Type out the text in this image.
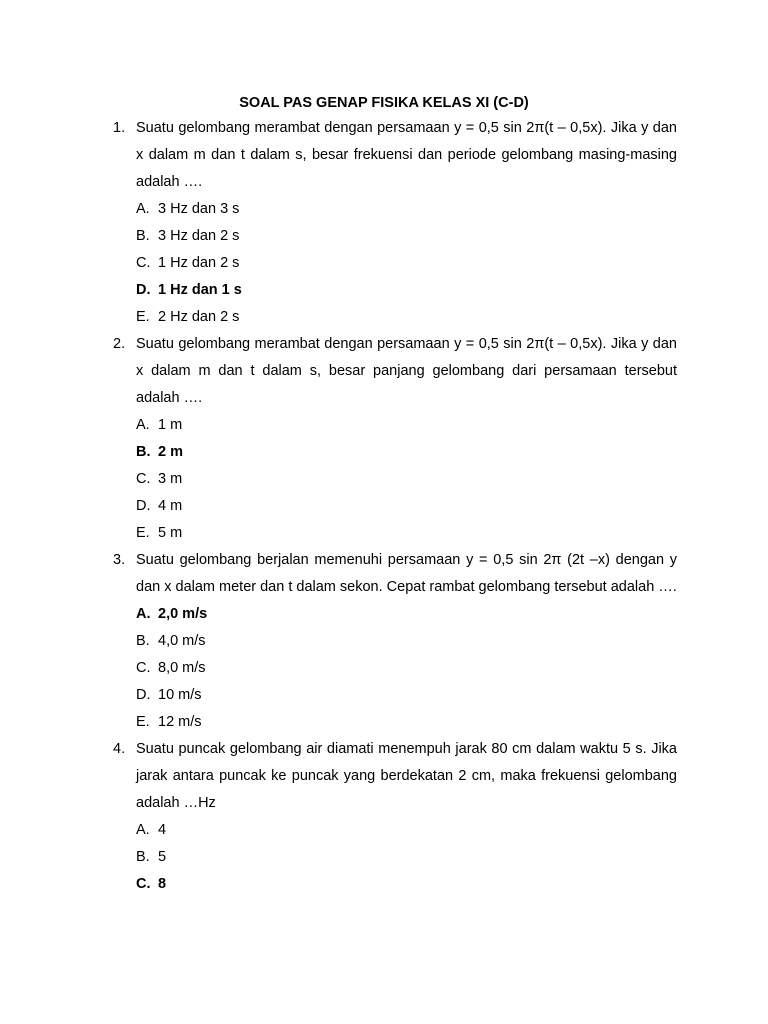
SOAL PAS GENAP FISIKA KELAS XI (C-D)
1. Suatu gelombang merambat dengan persamaan y = 0,5 sin 2π(t – 0,5x). Jika y dan x dalam m dan t dalam s, besar frekuensi dan periode gelombang masing-masing adalah ….
A. 3 Hz dan 3 s
B. 3 Hz dan 2 s
C. 1 Hz dan 2 s
D. 1 Hz dan 1 s
E. 2 Hz dan 2 s
2. Suatu gelombang merambat dengan persamaan y = 0,5 sin 2π(t – 0,5x). Jika y dan x dalam m dan t dalam s, besar panjang gelombang dari persamaan tersebut adalah ….
A. 1 m
B. 2 m
C. 3 m
D. 4 m
E. 5 m
3. Suatu gelombang berjalan memenuhi persamaan y = 0,5 sin 2π (2t –x) dengan y dan x dalam meter dan t dalam sekon. Cepat rambat gelombang tersebut adalah ….
A. 2,0 m/s
B. 4,0 m/s
C. 8,0 m/s
D. 10 m/s
E. 12 m/s
4. Suatu puncak gelombang air diamati menempuh jarak 80 cm dalam waktu 5 s. Jika jarak antara puncak ke puncak yang berdekatan 2 cm, maka frekuensi gelombang adalah …Hz
A. 4
B. 5
C. 8
